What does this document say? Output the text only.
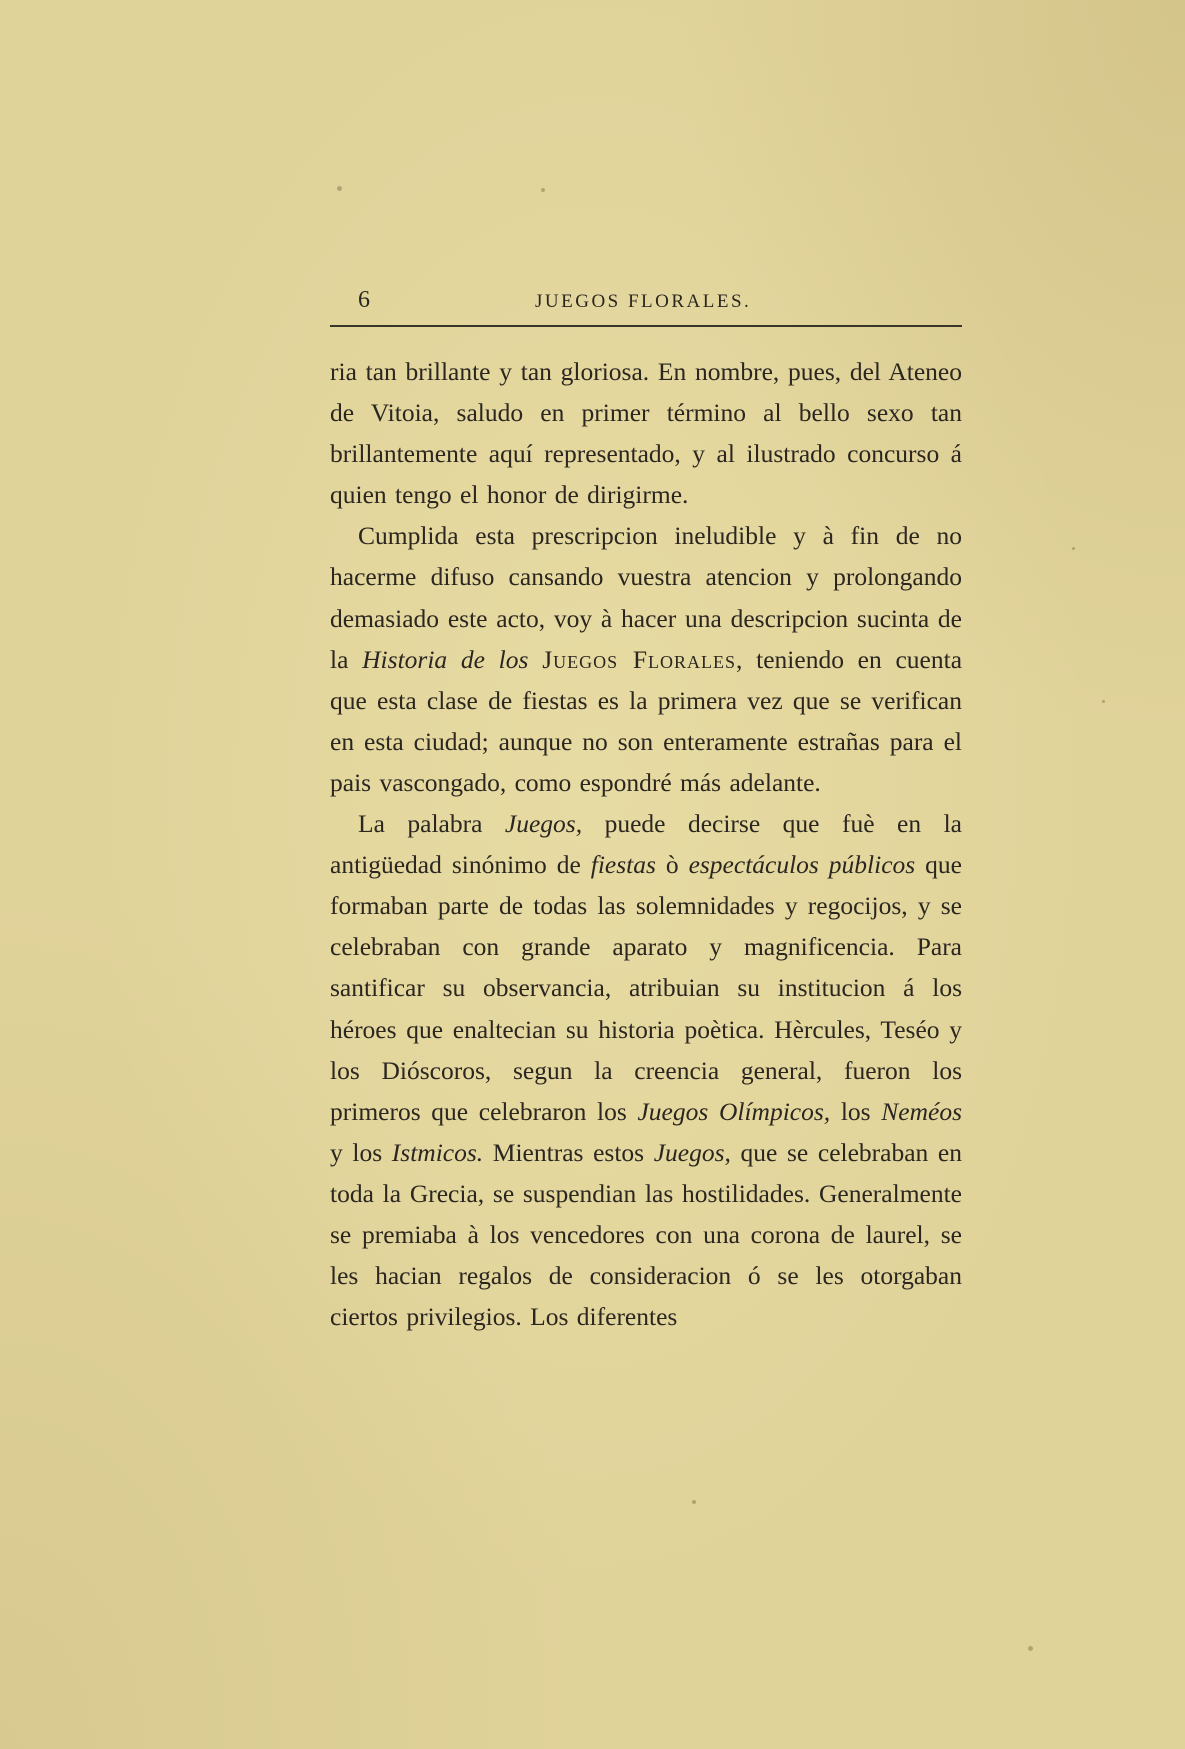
6	JUEGOS FLORALES.

ria tan brillante y tan gloriosa. En nombre, pues, del Ateneo de Vitoia, saludo en primer término al bello sexo tan brillantemente aquí representado, y al ilustrado concurso á quien tengo el honor de dirigirme.

Cumplida esta prescripcion ineludible y à fin de no hacerme difuso cansando vuestra atencion y prolongando demasiado este acto, voy à hacer una descripcion sucinta de la Historia de los Juegos Florales, teniendo en cuenta que esta clase de fiestas es la primera vez que se verifican en esta ciudad; aunque no son enteramente estrañas para el pais vascongado, como espondré más adelante.

La palabra Juegos, puede decirse que fuè en la antigüedad sinónimo de fiestas ò espectáculos públicos que formaban parte de todas las solemnidades y regocijos, y se celebraban con grande aparato y magnificencia. Para santificar su observancia, atribuian su institucion á los héroes que enaltecian su historia poètica. Hèrcules, Teséo y los Dióscoros, segun la creencia general, fueron los primeros que celebraron los Juegos Olímpicos, los Neméos y los Istmicos. Mientras estos Juegos, que se celebraban en toda la Grecia, se suspendian las hostilidades. Generalmente se premiaba à los vencedores con una corona de laurel, se les hacian regalos de consideracion ó se les otorgaban ciertos privilegios. Los diferentes
